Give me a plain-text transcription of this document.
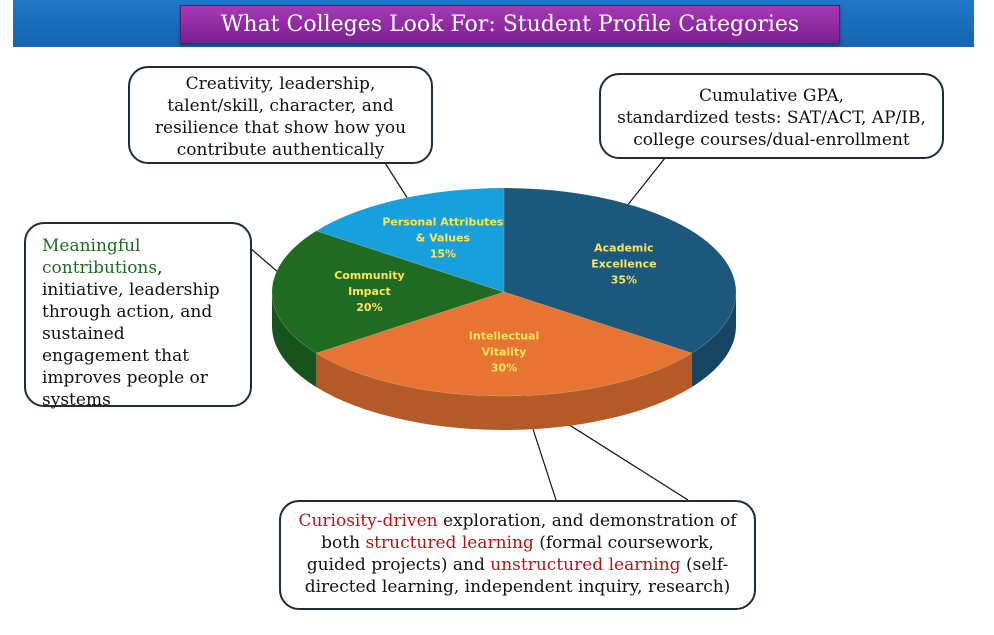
What Colleges Look For: Student Profile Categories
Academic
Excellence
35%
Intellectual
Vitality
30%
Community
Impact
20%
Personal Attributes
& Values
15%
Creativity, leadership,
talent/skill, character, and
resilience that show how you
contribute authentically
Cumulative GPA,
standardized tests: SAT/ACT, AP/IB,
college courses/dual-enrollment
Meaningful contributions, initiative, leadership through action, and sustained engagement that improves people or systems
Curiosity-driven exploration, and demonstration of both structured learning (formal coursework, guided projects) and unstructured learning (self-directed learning, independent inquiry, research)
